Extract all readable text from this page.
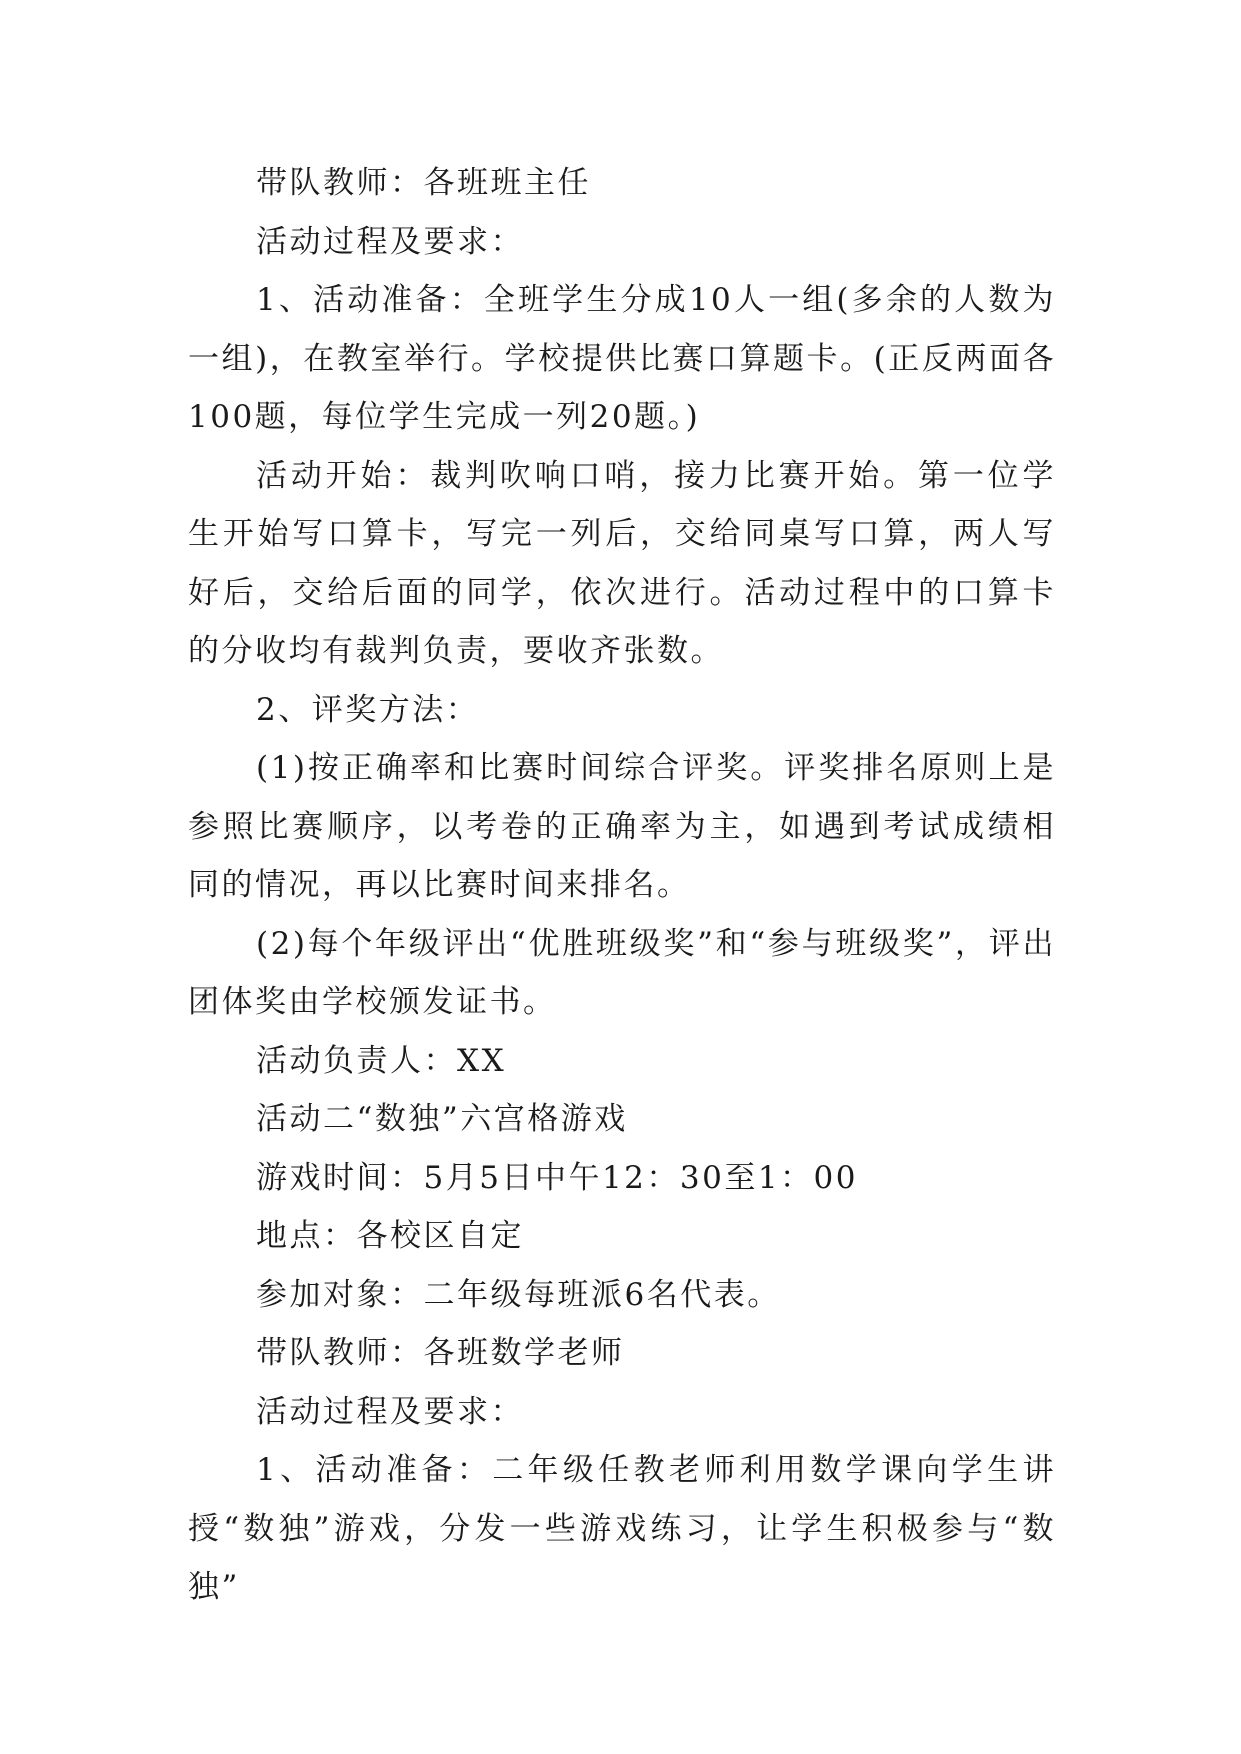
带队教师：各班班主任

活动过程及要求：

1、活动准备：全班学生分成10人一组(多余的人数为一组)，在教室举行。学校提供比赛口算题卡。(正反两面各100题，每位学生完成一列20题。)

活动开始：裁判吹响口哨，接力比赛开始。第一位学生开始写口算卡，写完一列后，交给同桌写口算，两人写好后，交给后面的同学，依次进行。活动过程中的口算卡的分收均有裁判负责，要收齐张数。

2、评奖方法：

(1)按正确率和比赛时间综合评奖。评奖排名原则上是参照比赛顺序，以考卷的正确率为主，如遇到考试成绩相同的情况，再以比赛时间来排名。

(2)每个年级评出“优胜班级奖”和“参与班级奖”，评出团体奖由学校颁发证书。

活动负责人：XX

活动二“数独”六宫格游戏

游戏时间：5月5日中午12：30至1：00

地点：各校区自定

参加对象：二年级每班派6名代表。

带队教师：各班数学老师

活动过程及要求：

1、活动准备：二年级任教老师利用数学课向学生讲授“数独”游戏，分发一些游戏练习，让学生积极参与“数独”
